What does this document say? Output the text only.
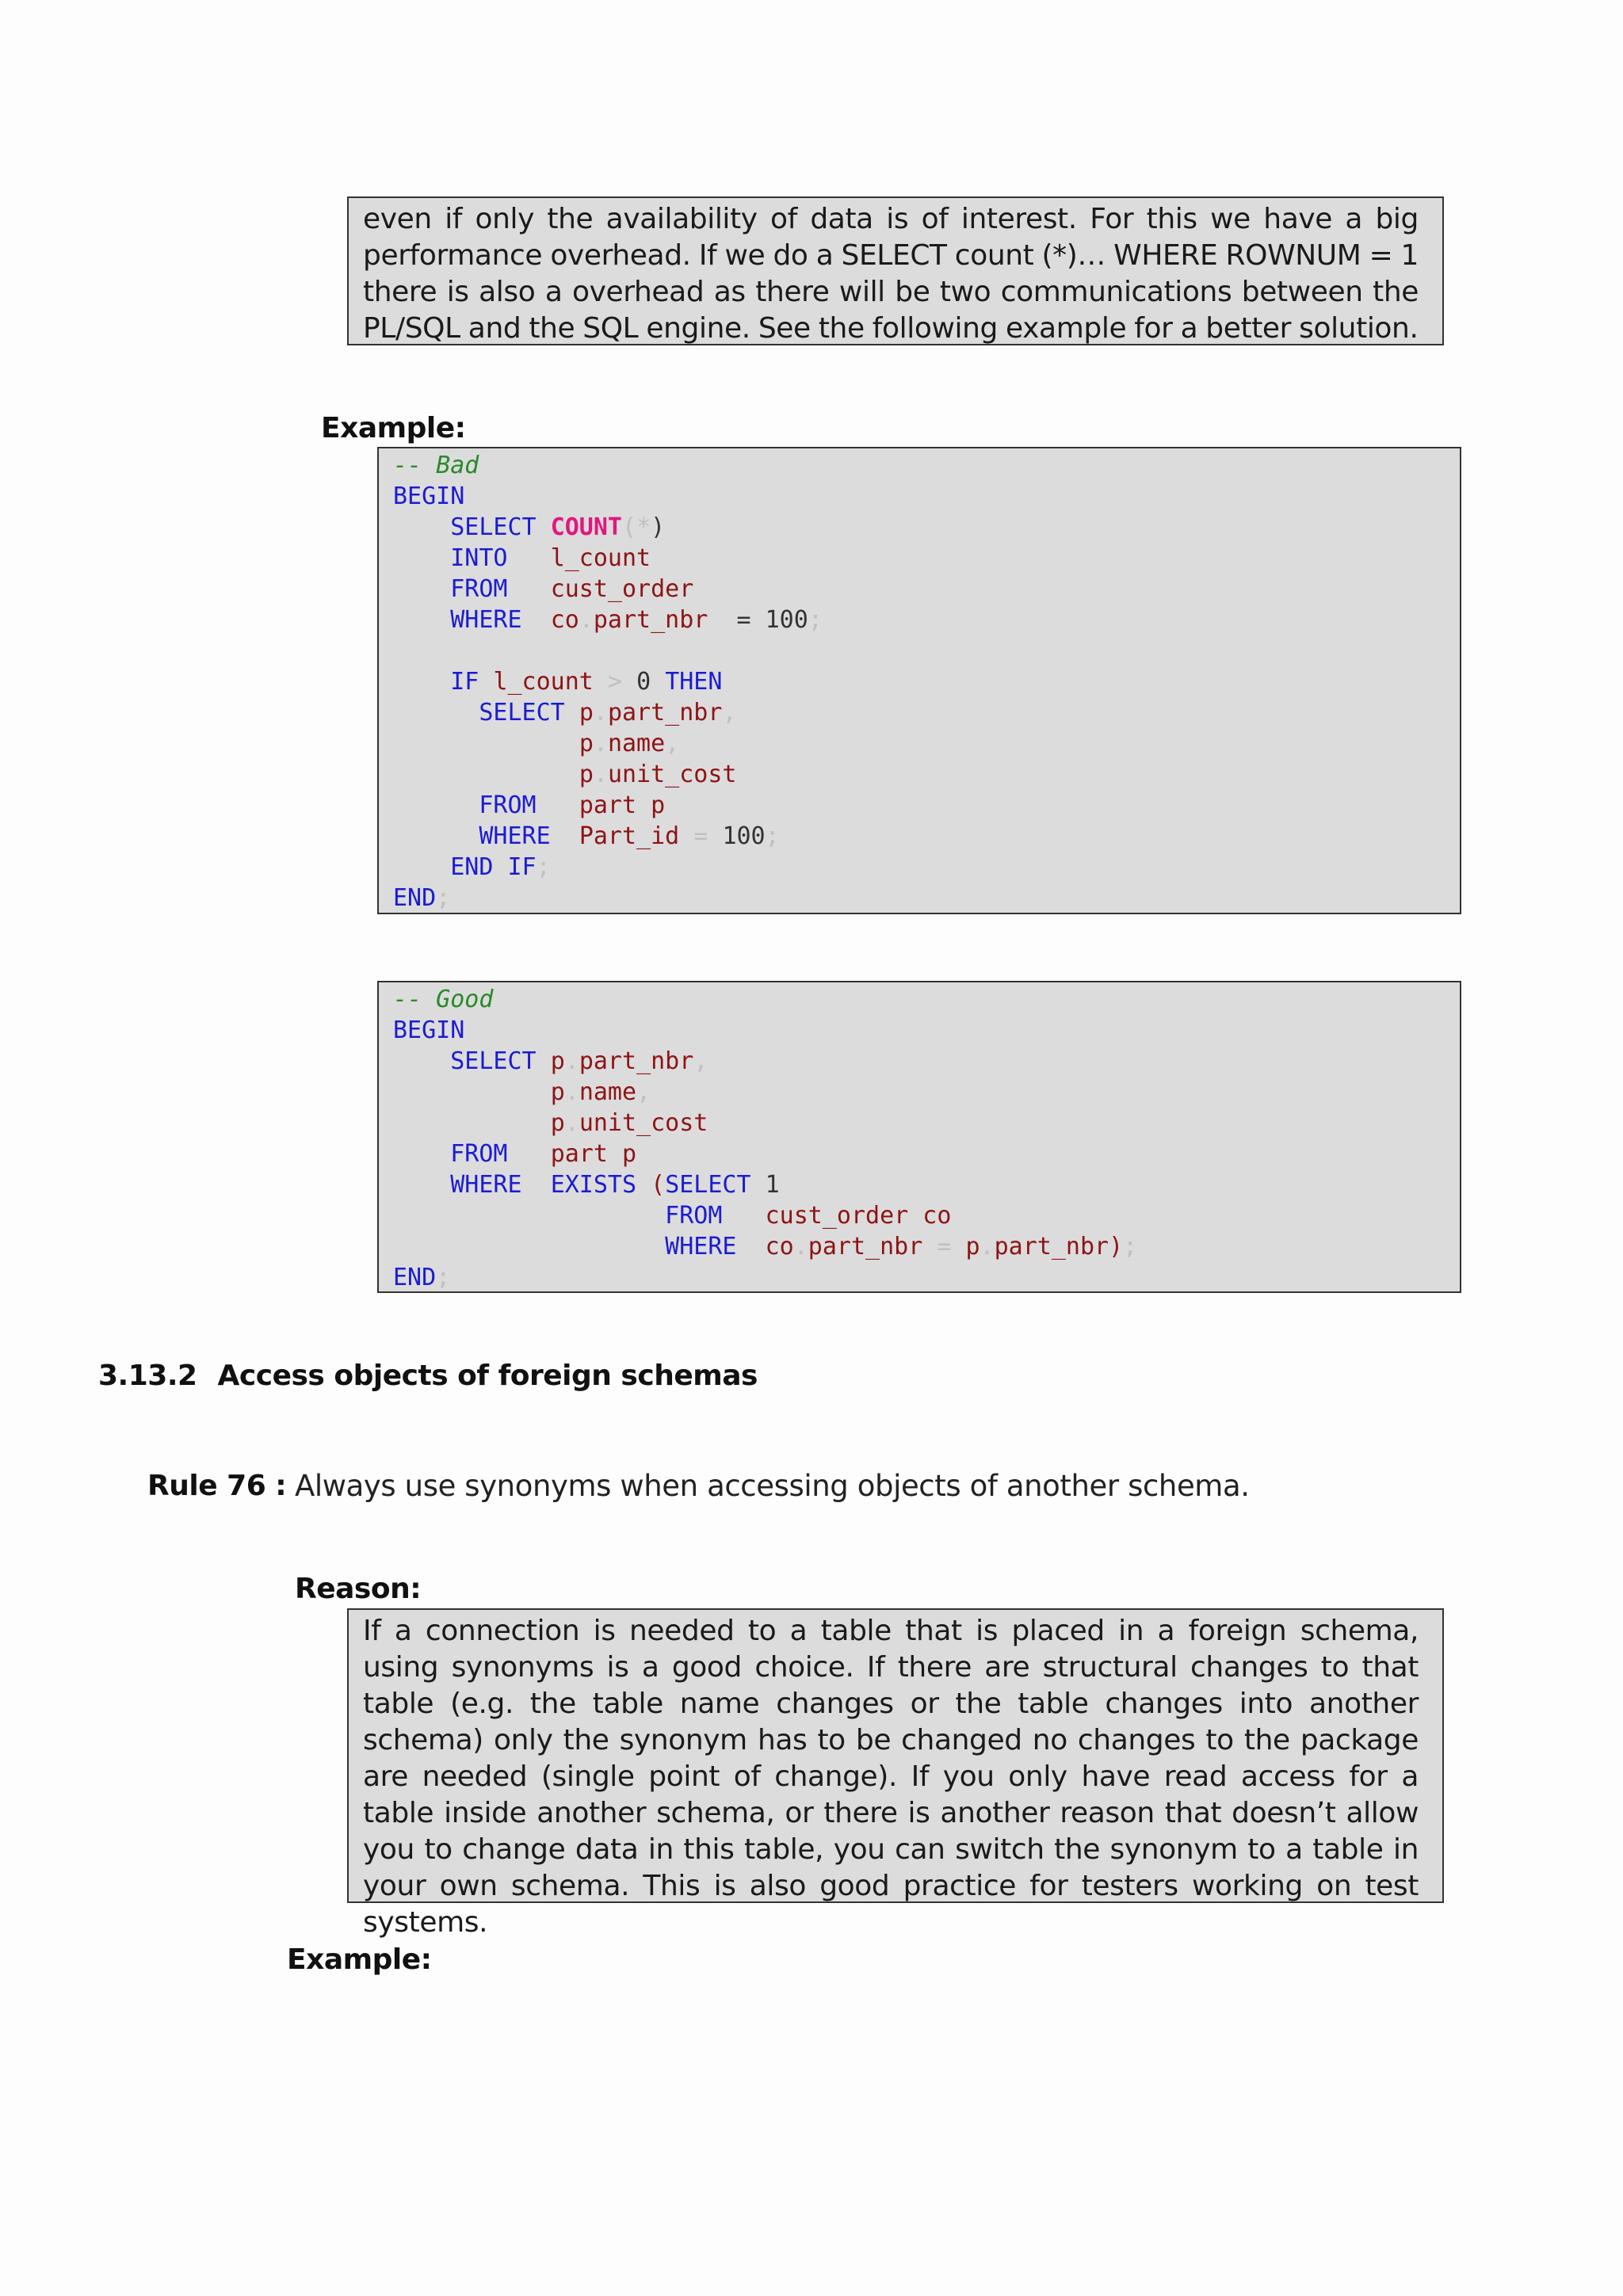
even if only the availability of data is of interest. For this we have a big performance overhead. If we do a SELECT count (*)… WHERE ROWNUM = 1 there is also a overhead as there will be two communications between the PL/SQL and the SQL engine. See the following example for a better solution.
Example:
-- Bad
BEGIN
SELECT COUNT(*)
INTO l_count
FROM cust_order
WHERE co.part_nbr = 100;

IF l_count > 0 THEN
SELECT p.part_nbr,
p.name,
p.unit_cost
FROM part p
WHERE Part_id = 100;
END IF;
END;
-- Good
BEGIN
SELECT p.part_nbr,
p.name,
p.unit_cost
FROM part p
WHERE EXISTS (SELECT 1
FROM cust_order co
WHERE co.part_nbr = p.part_nbr);
END;
3.13.2 Access objects of foreign schemas
Rule 76 : Always use synonyms when accessing objects of another schema.
Reason:
If a connection is needed to a table that is placed in a foreign schema, using synonyms is a good choice. If there are structural changes to that table (e.g. the table name changes or the table changes into another schema) only the synonym has to be changed no changes to the package are needed (single point of change). If you only have read access for a table inside another schema, or there is another reason that doesn’t allow you to change data in this table, you can switch the synonym to a table in your own schema. This is also good practice for testers working on test systems.
Example:
